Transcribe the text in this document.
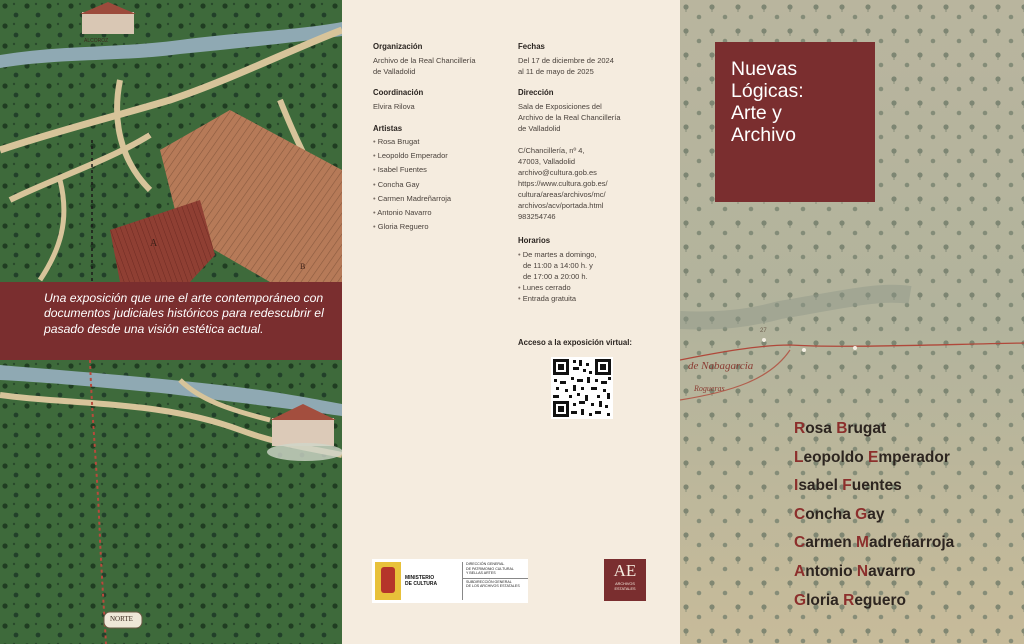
ALCOROZ
A
B
NORTE
Una exposición que une el arte contemporáneo con documentos judiciales históricos para redescubrir el pasado desde una visión estética actual.
Organización
Archivo de la Real Chancillería
de Valladolid
Coordinación
Elvira Rilova
Artistas
• Rosa Brugat
• Leopoldo Emperador
• Isabel Fuentes
• Concha Gay
• Carmen Madreñarroja
• Antonio Navarro
• Gloria Reguero
Fechas
Del 17 de diciembre de 2024
al 11 de mayo de 2025
Dirección
Sala de Exposiciones del
Archivo de la Real Chancillería
de Valladolid
C/Chancillería, nº 4,
47003, Valladolid
archivo@cultura.gob.es
https://www.cultura.gob.es/
cultura/areas/archivos/mc/
archivos/acv/portada.html
983254746
Horarios
• De martes a domingo,
de 11:00 a 14:00 h. y
de 17:00 a 20:00 h.
• Lunes cerrado
• Entrada gratuita
Acceso a la exposición virtual:
MINISTERIO
DE CULTURA
DIRECCIÓN GENERAL
DE PATRIMONIO CULTURAL
Y BELLAS ARTES
SUBDIRECCIÓN GENERAL
DE LOS ARCHIVOS ESTATALES
AE
ARCHIVOS
ESTATALES
27
de Nabagarcia
Rogueras
Nuevas
Lógicas:
Arte y
Archivo
Rosa Brugat
Leopoldo Emperador
Isabel Fuentes
Concha Gay
Carmen Madreñarroja
Antonio Navarro
Gloria Reguero
